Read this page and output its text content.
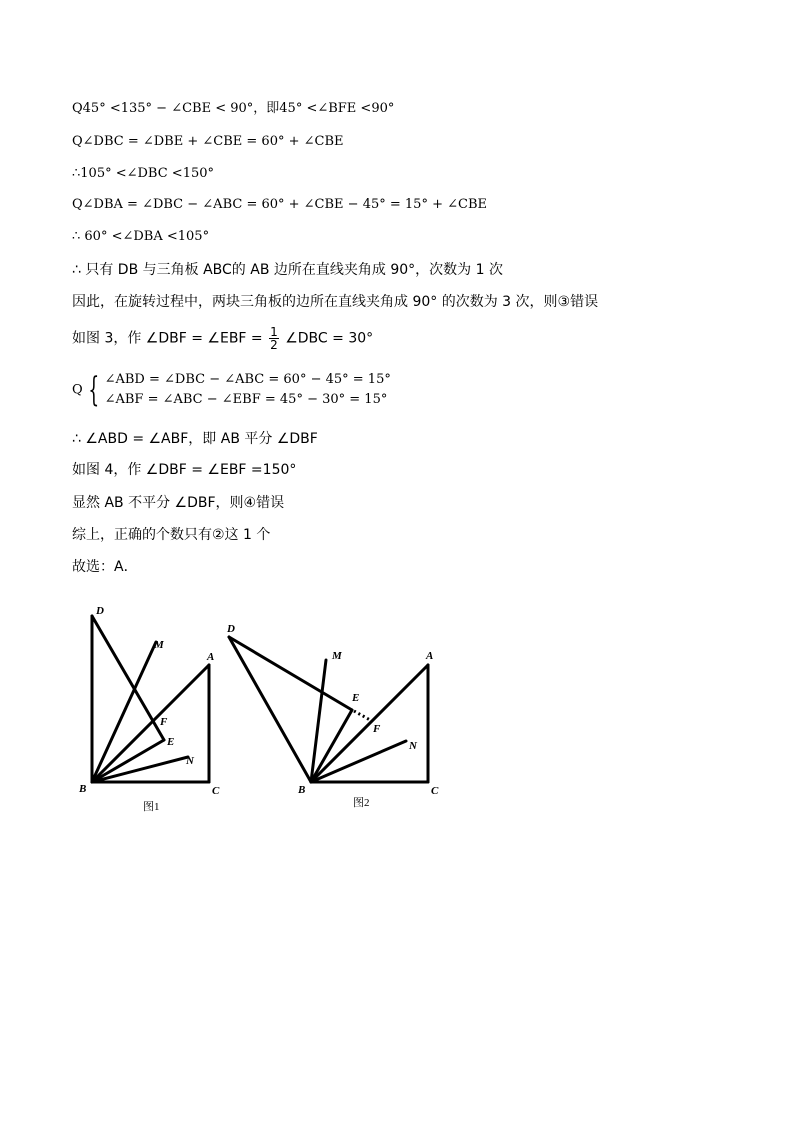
Q45° <135° − ∠CBE < 90°，即45° <∠BFE <90°
Q∠DBC = ∠DBE + ∠CBE = 60° + ∠CBE
∴105° <∠DBC <150°
Q∠DBA = ∠DBC − ∠ABC = 60° + ∠CBE − 45° = 15° + ∠CBE
∴ 60° <∠DBA <105°
∴ 只有 DB 与三角板 ABC的 AB 边所在直线夹角成 90°，次数为 1 次
因此，在旋转过程中，两块三角板的边所在直线夹角成 90° 的次数为 3 次，则③错误
如图 3，作 ∠DBF = ∠EBF = $\frac{1}{2}$ ∠DBC = 30°
Q { ∠ABD = ∠DBC − ∠ABC = 60° − 45° = 15°
∠ABF = ∠ABC − ∠EBF = 45° − 30° = 15°
∴ ∠ABD = ∠ABF，即 AB 平分 ∠DBF
如图 4，作 ∠DBF = ∠EBF =150°
显然 AB 不平分 ∠DBF，则④错误
综上，正确的个数只有②这 1 个
故选：A．
D
M
A
F
E
N
B	C
图1
D
M	A
E
F
N
B	C
图2
